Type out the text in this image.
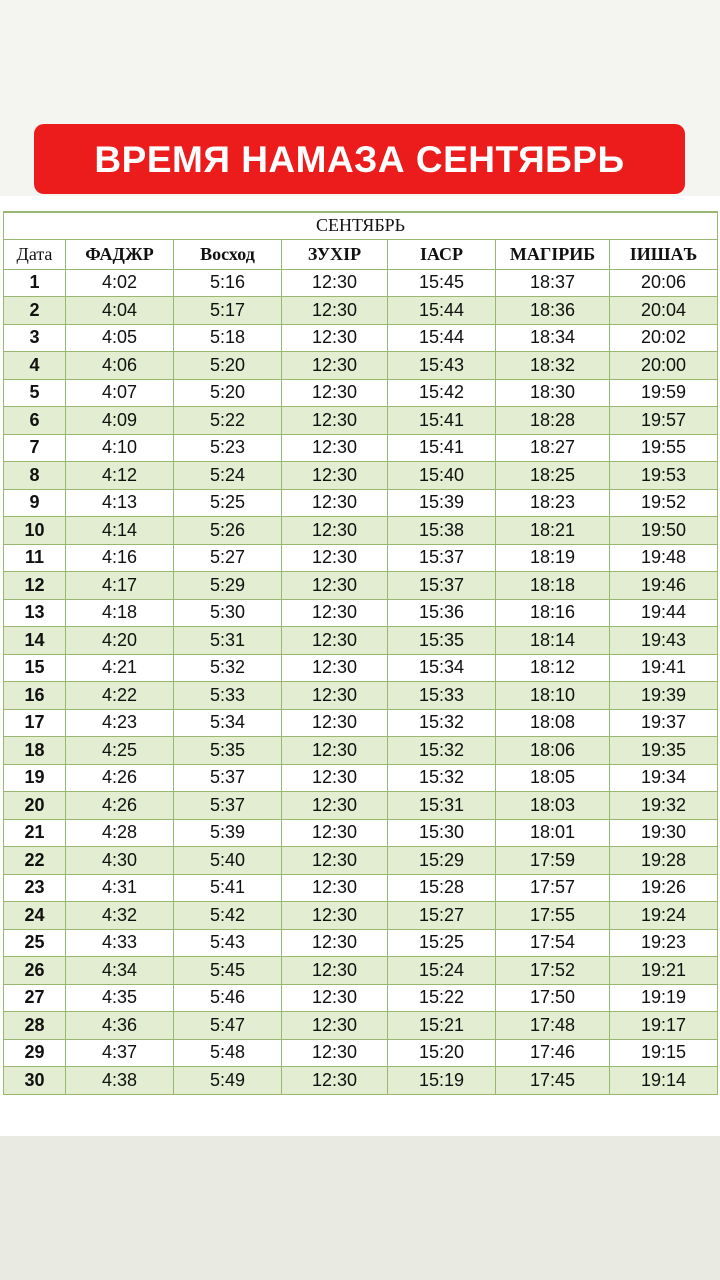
ВРЕМЯ НАМАЗА СЕНТЯБРЬ
СЕНТЯБРЬ						
Дата	ФАДЖР	Восход	ЗУХIР	IАСР	МАГIРИБ	IИШАЪ
1	4:02	5:16	12:30	15:45	18:37	20:06
2	4:04	5:17	12:30	15:44	18:36	20:04
3	4:05	5:18	12:30	15:44	18:34	20:02
4	4:06	5:20	12:30	15:43	18:32	20:00
5	4:07	5:20	12:30	15:42	18:30	19:59
6	4:09	5:22	12:30	15:41	18:28	19:57
7	4:10	5:23	12:30	15:41	18:27	19:55
8	4:12	5:24	12:30	15:40	18:25	19:53
9	4:13	5:25	12:30	15:39	18:23	19:52
10	4:14	5:26	12:30	15:38	18:21	19:50
11	4:16	5:27	12:30	15:37	18:19	19:48
12	4:17	5:29	12:30	15:37	18:18	19:46
13	4:18	5:30	12:30	15:36	18:16	19:44
14	4:20	5:31	12:30	15:35	18:14	19:43
15	4:21	5:32	12:30	15:34	18:12	19:41
16	4:22	5:33	12:30	15:33	18:10	19:39
17	4:23	5:34	12:30	15:32	18:08	19:37
18	4:25	5:35	12:30	15:32	18:06	19:35
19	4:26	5:37	12:30	15:32	18:05	19:34
20	4:26	5:37	12:30	15:31	18:03	19:32
21	4:28	5:39	12:30	15:30	18:01	19:30
22	4:30	5:40	12:30	15:29	17:59	19:28
23	4:31	5:41	12:30	15:28	17:57	19:26
24	4:32	5:42	12:30	15:27	17:55	19:24
25	4:33	5:43	12:30	15:25	17:54	19:23
26	4:34	5:45	12:30	15:24	17:52	19:21
27	4:35	5:46	12:30	15:22	17:50	19:19
28	4:36	5:47	12:30	15:21	17:48	19:17
29	4:37	5:48	12:30	15:20	17:46	19:15
30	4:38	5:49	12:30	15:19	17:45	19:14
